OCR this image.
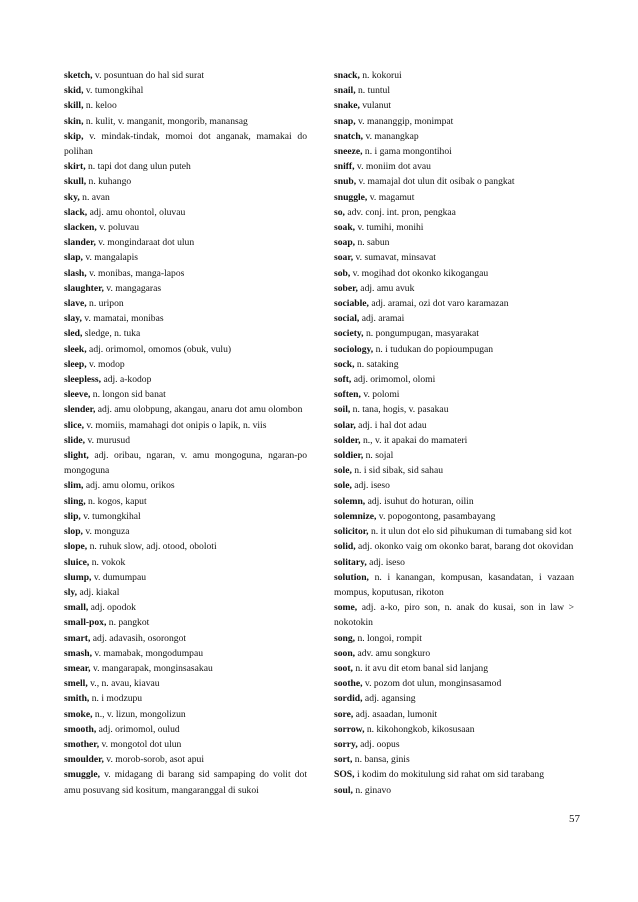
sketch, v. posuntuan do hal sid surat

skid, v. tumongkihal

skill, n. keloo

skin, n. kulit, v. manganit, mongorib, manansag

skip, v. mindak-tindak, momoi dot anganak, mamakai do polihan

skirt, n. tapi dot dang ulun puteh

skull, n. kuhango

sky, n. avan

slack, adj. amu ohontol, oluvau

slacken, v. poluvau

slander, v. mongindaraat dot ulun

slap, v. mangalapis

slash, v. monibas, manga-lapos

slaughter, v. mangagaras

slave, n. uripon

slay, v. mamatai, monibas

sled, sledge, n. tuka

sleek, adj. orimomol, omomos (obuk, vulu)

sleep, v. modop

sleepless, adj. a-kodop

sleeve, n. longon sid banat

slender, adj. amu olobpung, akangau, anaru dot amu olombon

slice, v. momiis, mamahagi dot onipis o lapik, n. viis

slide, v. murusud

slight, adj. oribau, ngaran, v. amu mongoguna, ngaran-po mongoguna

slim, adj. amu olomu, orikos

sling, n. kogos, kaput

slip, v. tumongkihal

slop, v. monguza

slope, n. ruhuk slow, adj. otood, oboloti

sluice, n. vokok

slump, v. dumumpau

sly, adj. kiakal

small, adj. opodok

small-pox, n. pangkot

smart, adj. adavasih, osorongot

smash, v. mamabak, mongodumpau

smear, v. mangarapak, monginsasakau

smell, v., n. avau, kiavau

smith, n. i modzupu

smoke, n., v. lizun, mongolizun

smooth, adj. orimomol, oulud

smother, v. mongotol dot ulun

smoulder, v. morob-sorob, asot apui

smuggle, v. midagang di barang sid sampaping do volit dot amu posuvang sid kositum, mangaranggal di sukoi

snack, n. kokorui

snail, n. tuntul

snake, vulanut

snap, v. mananggip, monimpat

snatch, v. manangkap

sneeze, n. i gama mongontihoi

sniff, v. moniim dot avau

snub, v. mamajal dot ulun dit osibak o pangkat

snuggle, v. magamut

so, adv. conj. int. pron, pengkaa

soak, v. tumihi, monihi

soap, n. sabun

soar, v. sumavat, minsavat

sob, v. mogihad dot okonko kikogangau

sober, adj. amu avuk

sociable, adj. aramai, ozi dot varo karamazan

social, adj. aramai

society, n. pongumpugan, masyarakat

sociology, n. i tudukan do popioumpugan

sock, n. sataking

soft, adj. orimomol, olomi

soften, v. polomi

soil, n. tana, hogis, v. pasakau

solar, adj. i hal dot adau

solder, n., v. it apakai do mamateri

soldier, n. sojal

sole, n. i sid sibak, sid sahau

sole, adj. iseso

solemn, adj. isuhut do hoturan, oilin

solemnize, v. popogontong, pasambayang

solicitor, n. it ulun dot elo sid pihukuman di tumabang sid kot

solid, adj. okonko vaig om okonko barat, barang dot okovidan

solitary, adj. iseso

solution, n. i kanangan, kompusan, kasandatan, i vazaan mompus, koputusan, rikoton

some, adj. a-ko, piro son, n. anak do kusai, son in law > nokotokin

song, n. longoi, rompit

soon, adv. amu songkuro

soot, n. it avu dit etom banal sid lanjang

soothe, v. pozom dot ulun, monginsasamod

sordid, adj. agansing

sore, adj. asaadan, lumonit

sorrow, n. kikohongkob, kikosusaan

sorry, adj. oopus

sort, n. bansa, ginis

SOS, i kodim do mokitulung sid rahat om sid tarabang

soul, n. ginavo

57
